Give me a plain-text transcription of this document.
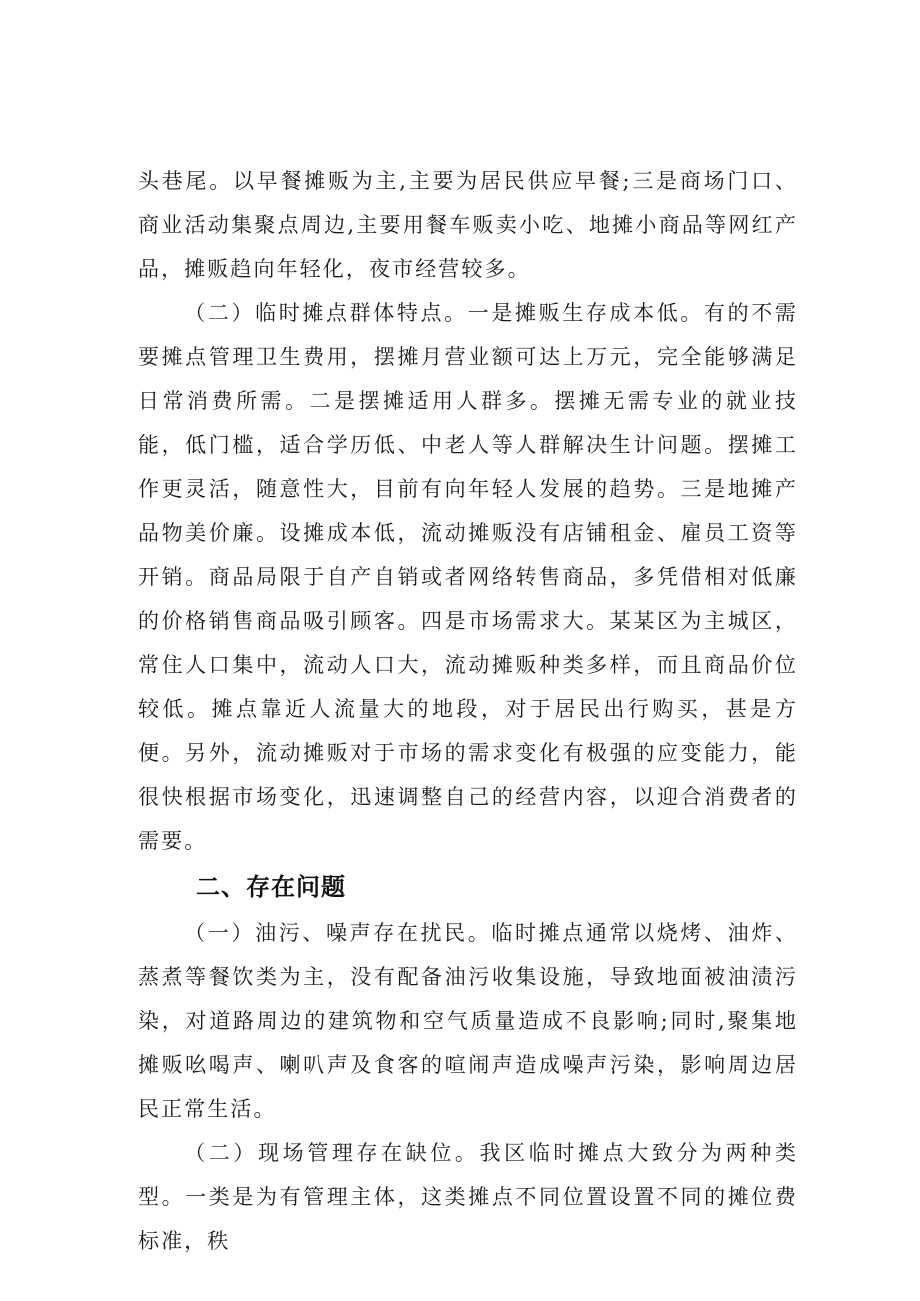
头巷尾。以早餐摊贩为主,主要为居民供应早餐;三是商场门口、商业活动集聚点周边,主要用餐车贩卖小吃、地摊小商品等网红产品，摊贩趋向年轻化，夜市经营较多。

（二）临时摊点群体特点。一是摊贩生存成本低。有的不需要摊点管理卫生费用，摆摊月营业额可达上万元，完全能够满足日常消费所需。二是摆摊适用人群多。摆摊无需专业的就业技能，低门槛，适合学历低、中老人等人群解决生计问题。摆摊工作更灵活，随意性大，目前有向年轻人发展的趋势。三是地摊产品物美价廉。设摊成本低，流动摊贩没有店铺租金、雇员工资等开销。商品局限于自产自销或者网络转售商品，多凭借相对低廉的价格销售商品吸引顾客。四是市场需求大。某某区为主城区，常住人口集中，流动人口大，流动摊贩种类多样，而且商品价位较低。摊点靠近人流量大的地段，对于居民出行购买，甚是方便。另外，流动摊贩对于市场的需求变化有极强的应变能力，能很快根据市场变化，迅速调整自己的经营内容，以迎合消费者的需要。

二、存在问题

（一）油污、噪声存在扰民。临时摊点通常以烧烤、油炸、蒸煮等餐饮类为主，没有配备油污收集设施，导致地面被油渍污染，对道路周边的建筑物和空气质量造成不良影响;同时,聚集地摊贩吆喝声、喇叭声及食客的喧闹声造成噪声污染，影响周边居民正常生活。

（二）现场管理存在缺位。我区临时摊点大致分为两种类型。一类是为有管理主体，这类摊点不同位置设置不同的摊位费标准，秩
